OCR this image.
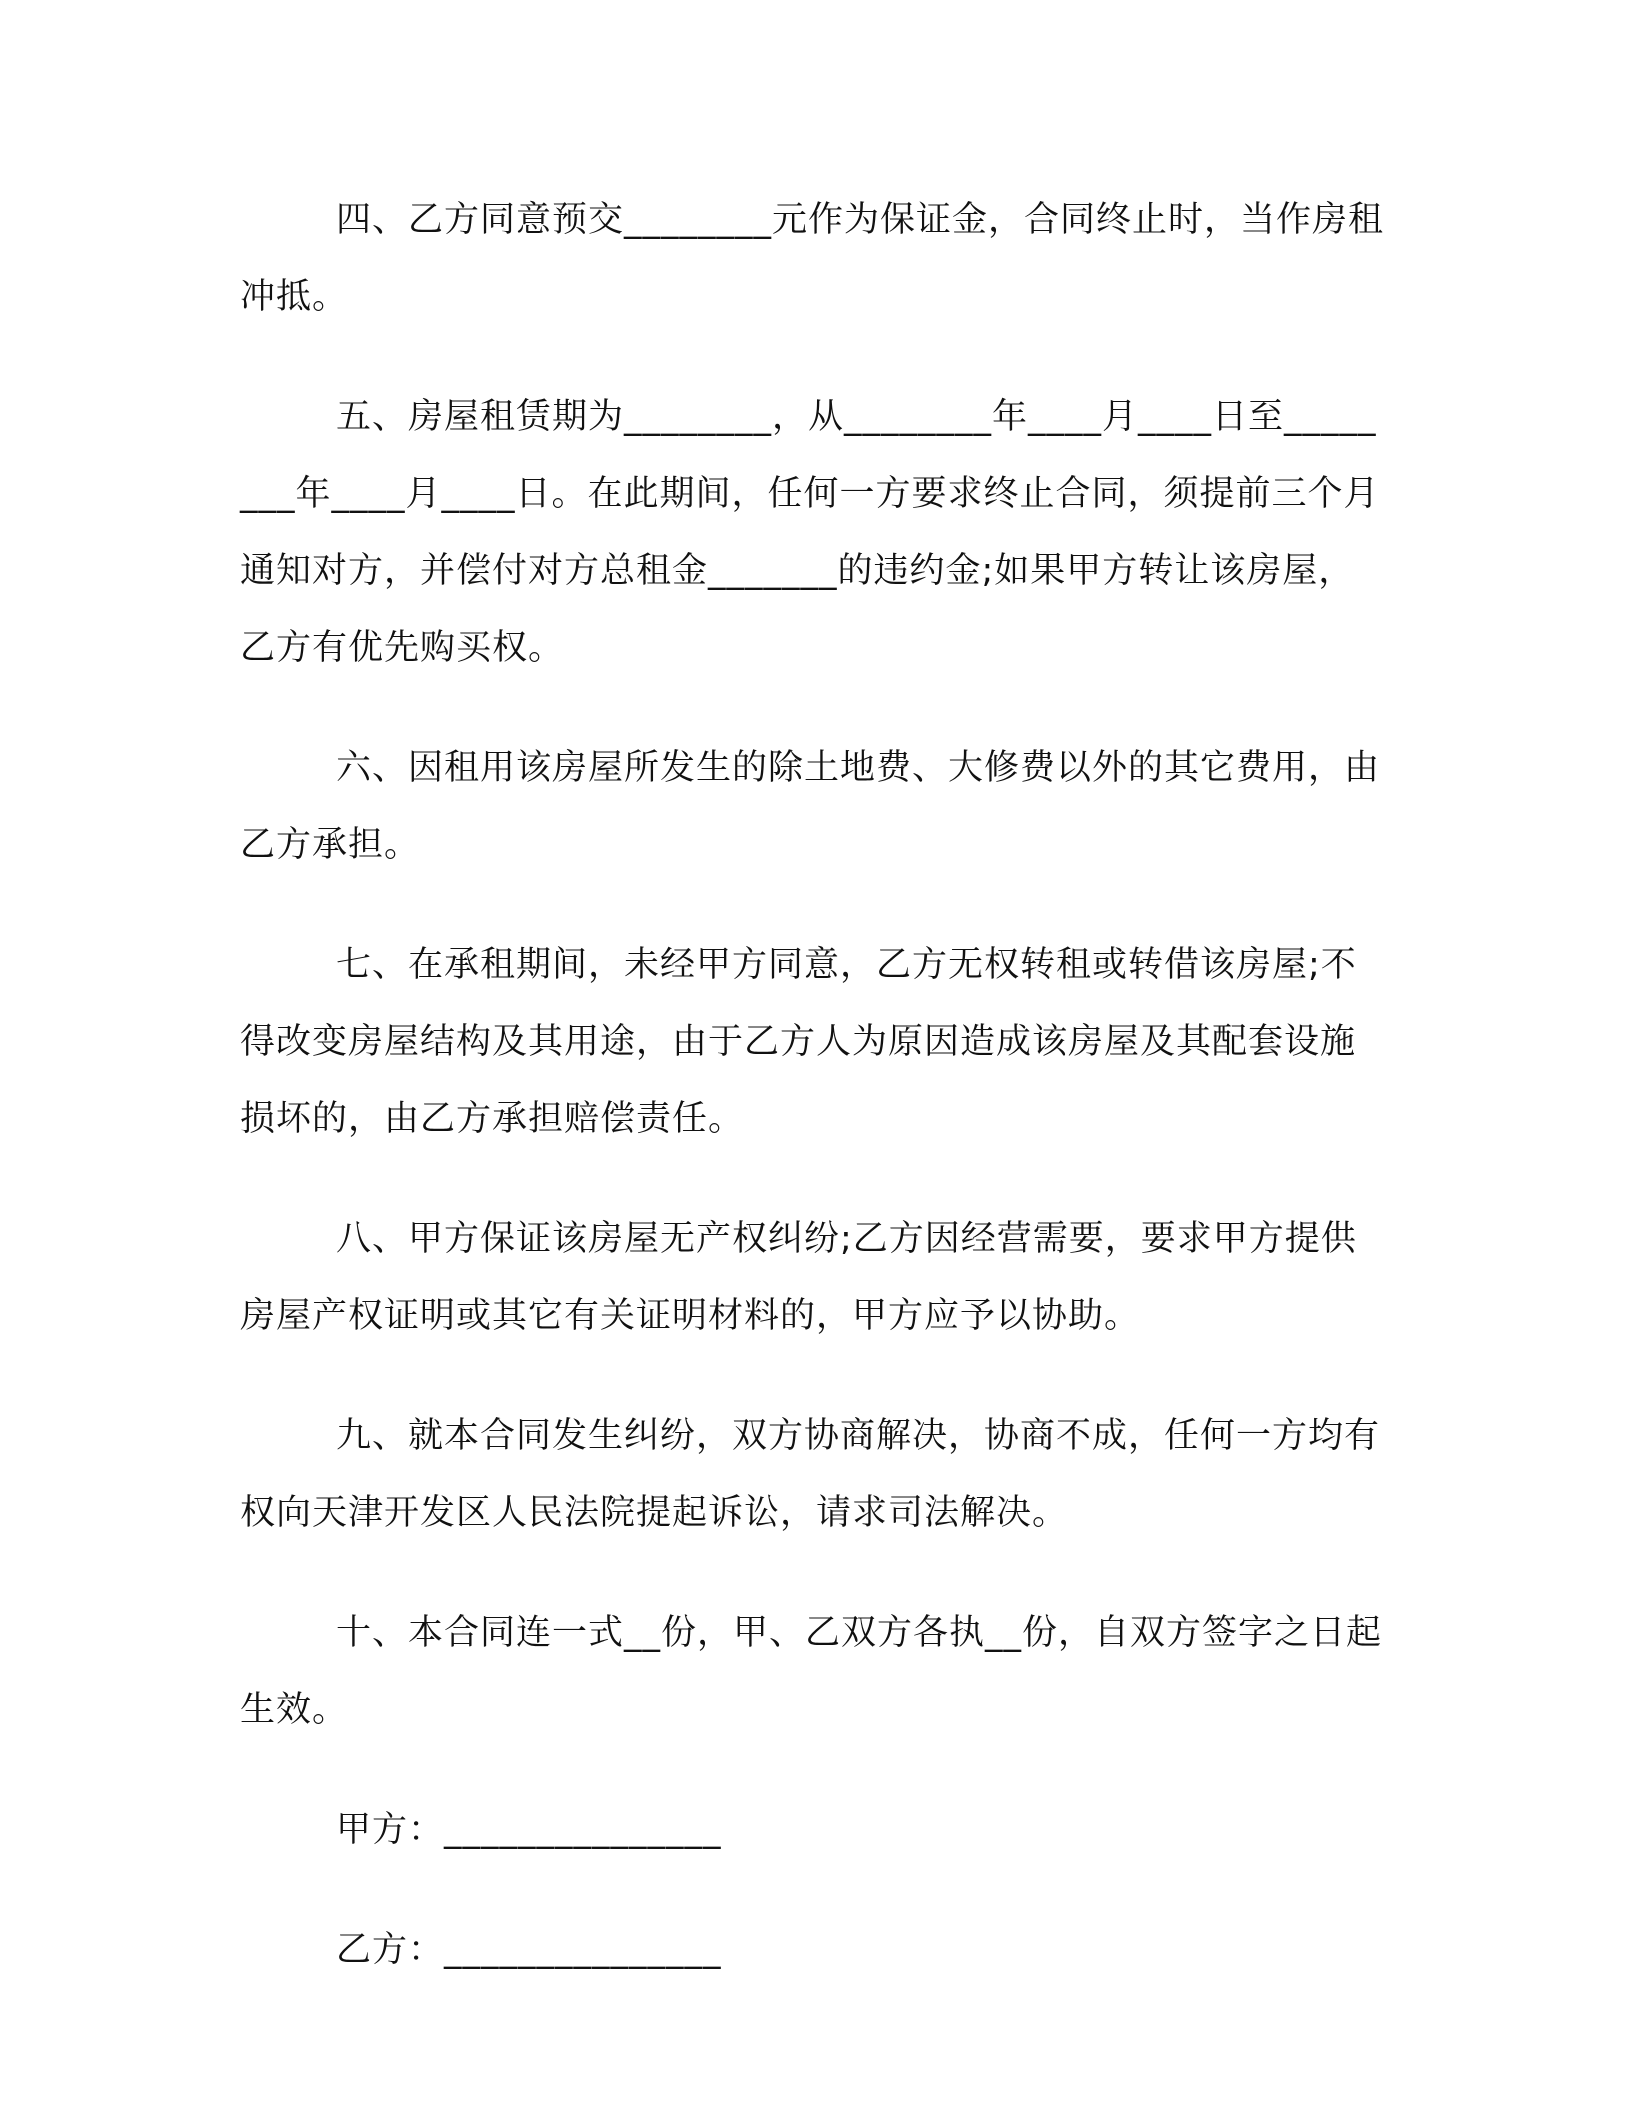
四、乙方同意预交________元作为保证金，合同终止时，当作房租冲抵。

五、房屋租赁期为________，从________年____月____日至________年____月____日。在此期间，任何一方要求终止合同，须提前三个月通知对方，并偿付对方总租金_______的违约金;如果甲方转让该房屋，乙方有优先购买权。

六、因租用该房屋所发生的除土地费、大修费以外的其它费用，由乙方承担。

七、在承租期间，未经甲方同意，乙方无权转租或转借该房屋;不得改变房屋结构及其用途，由于乙方人为原因造成该房屋及其配套设施损坏的，由乙方承担赔偿责任。

八、甲方保证该房屋无产权纠纷;乙方因经营需要，要求甲方提供房屋产权证明或其它有关证明材料的，甲方应予以协助。

九、就本合同发生纠纷，双方协商解决，协商不成，任何一方均有权向天津开发区人民法院提起诉讼，请求司法解决。

十、本合同连一式__份，甲、乙双方各执__份，自双方签字之日起生效。

甲方：_______________

乙方：_______________
